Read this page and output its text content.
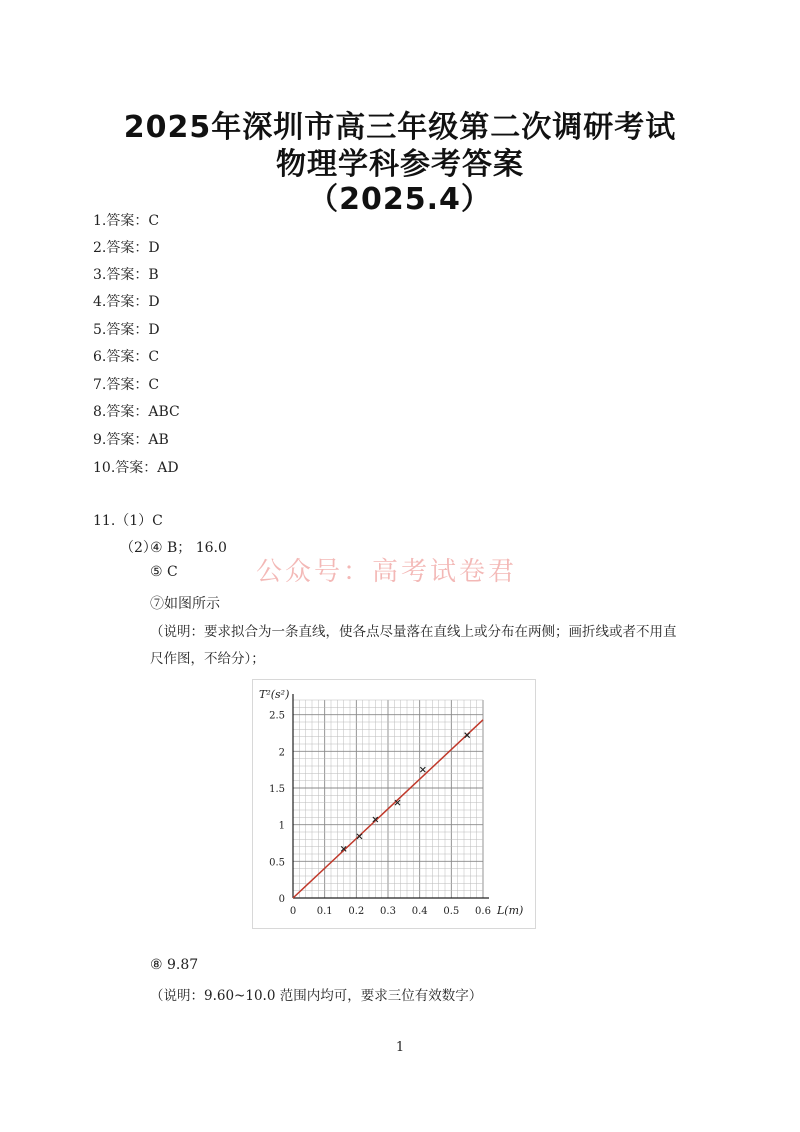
2025年深圳市高三年级第二次调研考试
物理学科参考答案
（2025.4）
1.答案：C
2.答案：D
3.答案：B
4.答案：D
5.答案：D
6.答案：C
7.答案：C
8.答案：ABC
9.答案：AB
10.答案：AD
11.（1）C
（2）
④ B； 16.0
⑤ C
⑦如图所示
（说明：要求拟合为一条直线，使各点尽量落在直线上或分布在两侧；画折线或者不用直
尺作图，不给分）；
公众号：高考试卷君
0 0.1 0.2 0.3 0.4 0.5 0.6
0
0.5
1
1.5
2
2.5
T²(s²)
L(m)
⑧ 9.87
（说明：9.60~10.0 范围内均可，要求三位有效数字）
1
